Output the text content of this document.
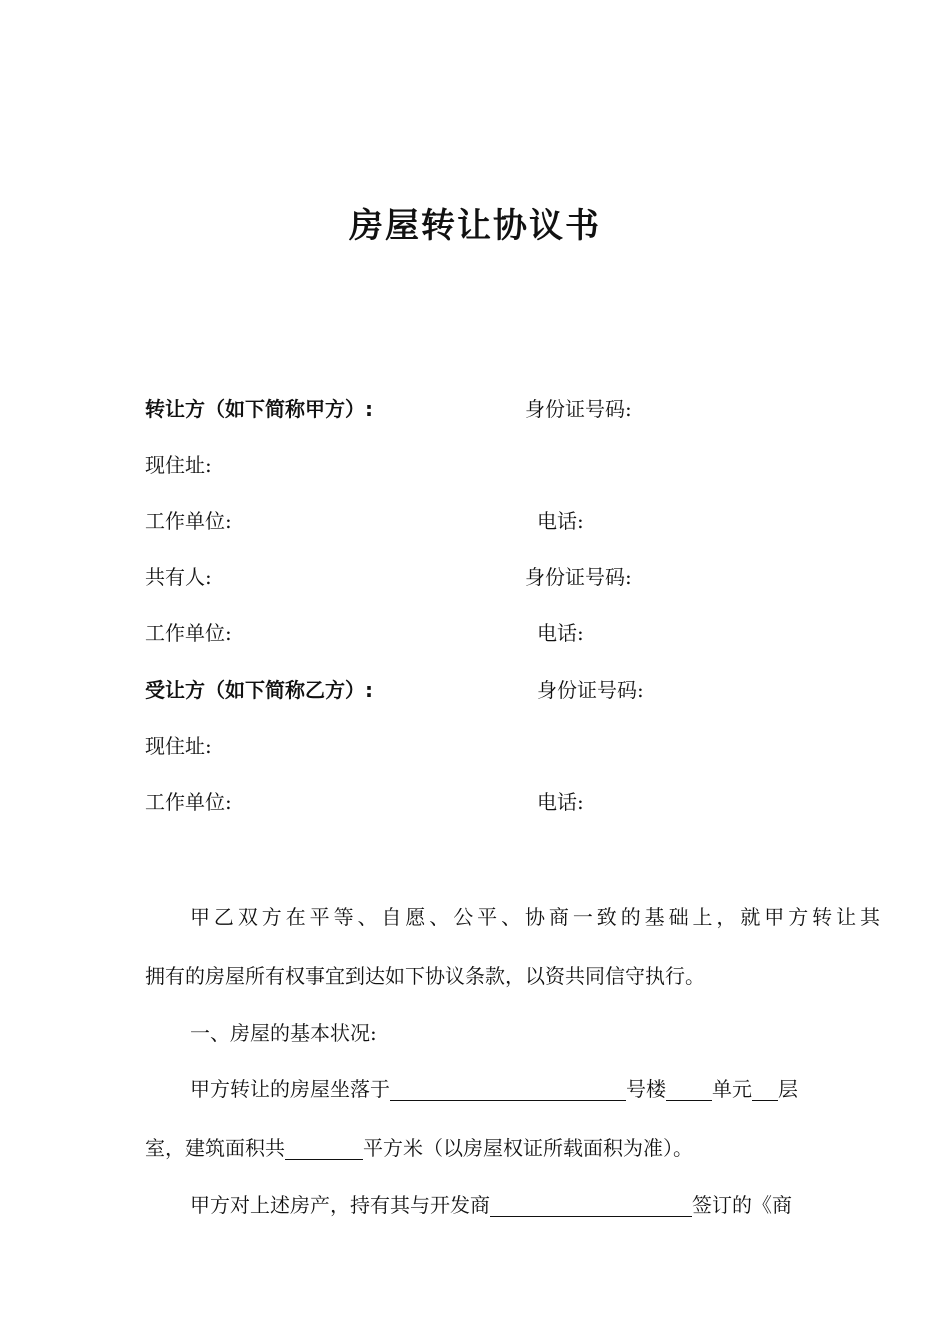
房屋转让协议书
转让方（如下简称甲方）:	身份证号码:
现住址:
工作单位:	电话:
共有人:	身份证号码:
工作单位:	电话:
受让方（如下简称乙方）:	身份证号码:
现住址:
工作单位:	电话:
甲乙双方在平等、自愿、公平、协商一致的基础上，就甲方转让其
拥有的房屋所有权事宜到达如下协议条款，以资共同信守执行。
一、房屋的基本状况:
甲方转让的房屋坐落于	号楼 单元 层
室，建筑面积共	平方米（以房屋权证所载面积为准）。
甲方对上述房产，持有其与开发商	签订的《商
